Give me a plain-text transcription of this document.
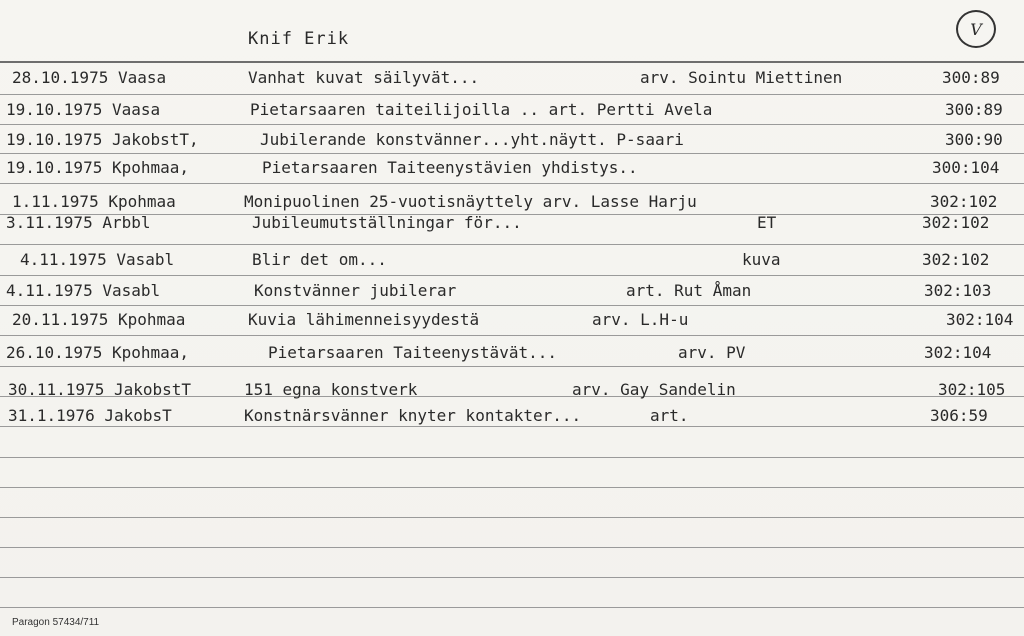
Knif Erik	V
28.10.1975 Vaasa	Vanhat kuvat säilyvät...	arv. Sointu Miettinen	300:89
19.10.1975 Vaasa	Pietarsaaren taiteilijoilla .. art. Pertti Avela	300:89
19.10.1975 JakobstT,	Jubilerande konstvänner...yht.näytt. P-saari	300:90
19.10.1975 Kpohmaa,	Pietarsaaren Taiteenystävien yhdistys..	300:104
1.11.1975 Kpohmaa	Monipuolinen 25-vuotisnäyttely arv. Lasse Harju	302:102
3.11.1975 Arbbl	Jubileumutställningar för...	ET	302:102
4.11.1975 Vasabl	Blir det om...	kuva	302:102
4.11.1975 Vasabl	Konstvänner jubilerar	art. Rut Åman	302:103
20.11.1975 Kpohmaa	Kuvia lähimenneisyydestä	arv. L.H-u	302:104
26.10.1975 Kpohmaa,	Pietarsaaren Taiteenystävät...	arv. PV	302:104
30.11.1975 JakobstT	151 egna konstverk	arv. Gay Sandelin	302:105
31.1.1976 JakobsT	Konstnärsvänner knyter kontakter...	art.	306:59
Paragon 57434/711
